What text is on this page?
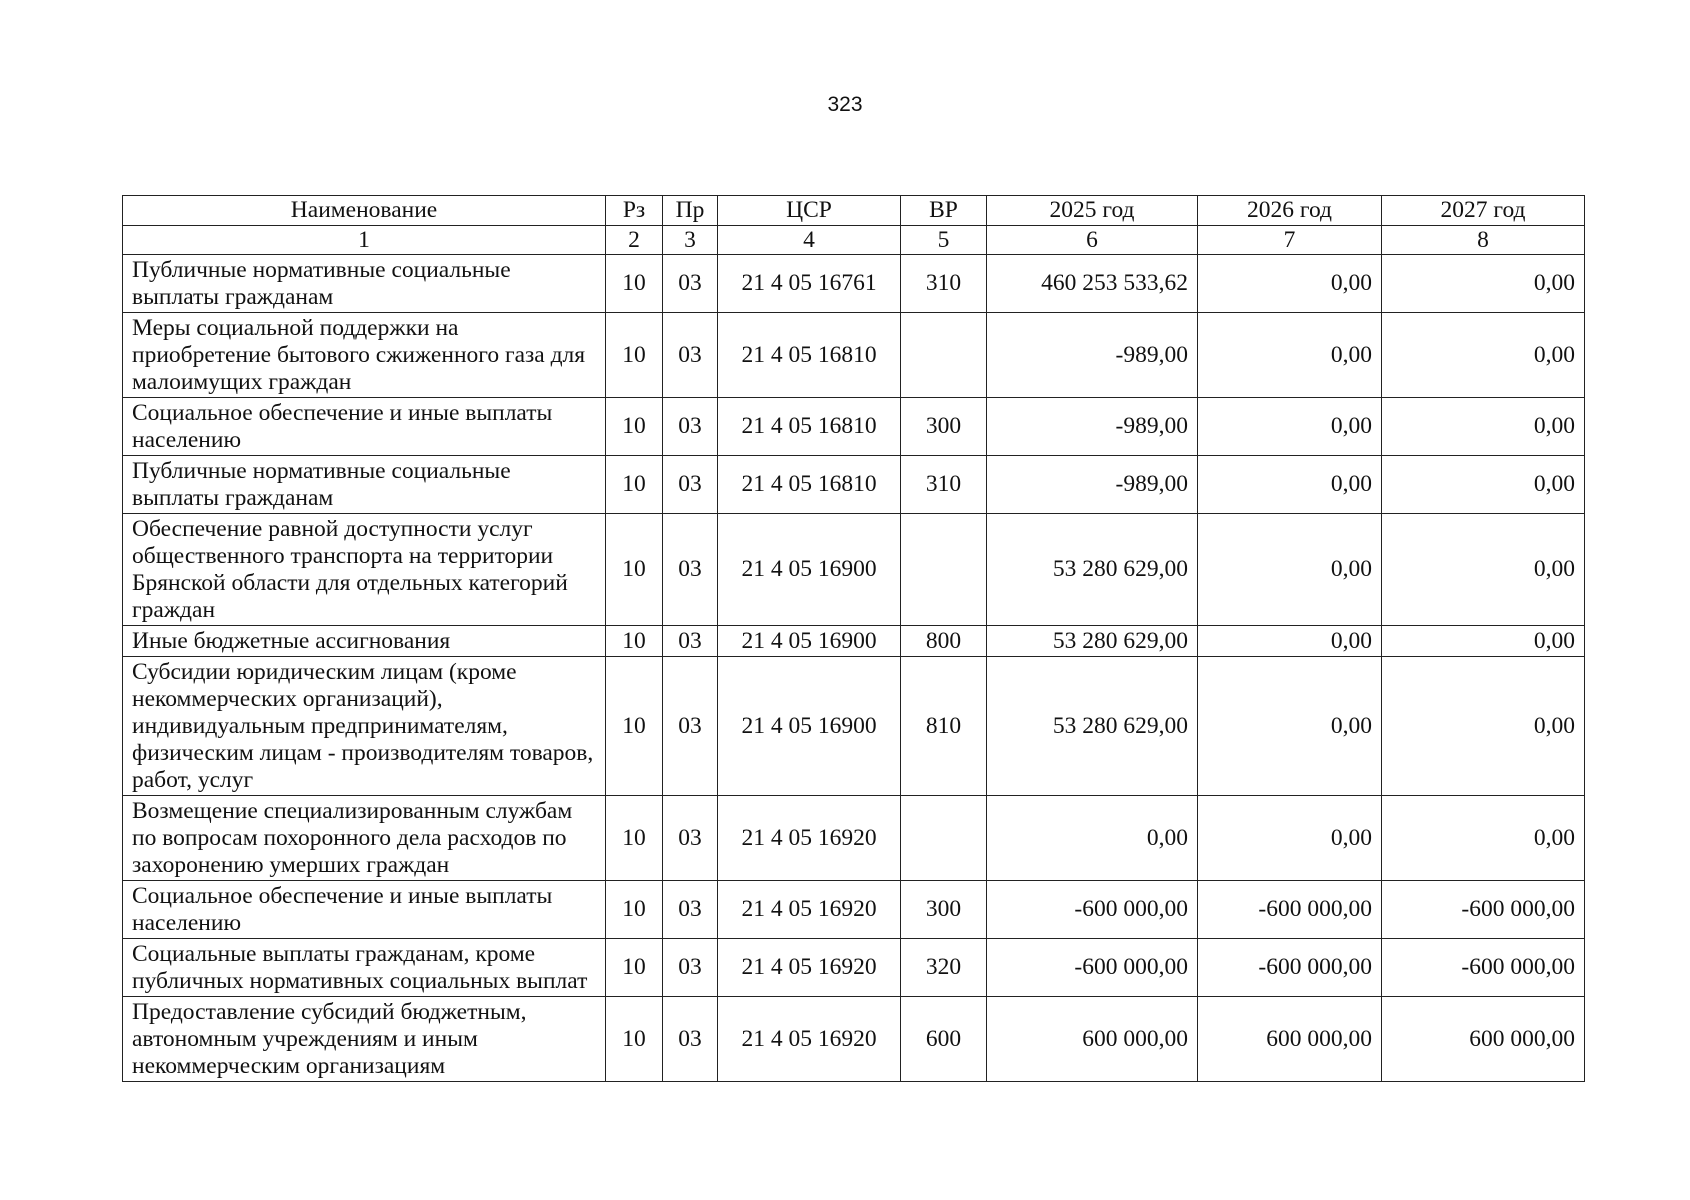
323
Наименование	Рз	Пр	ЦСР	ВР	2025 год	2026 год	2027 год
1	2	3	4	5	6	7	8
Публичные нормативные социальные выплаты гражданам	10	03	21 4 05 16761	310	460 253 533,62	0,00	0,00
Меры социальной поддержки на приобретение бытового сжиженного газа для малоимущих граждан	10	03	21 4 05 16810		-989,00	0,00	0,00
Социальное обеспечение и иные выплаты населению	10	03	21 4 05 16810	300	-989,00	0,00	0,00
Публичные нормативные социальные выплаты гражданам	10	03	21 4 05 16810	310	-989,00	0,00	0,00
Обеспечение равной доступности услуг общественного транспорта на территории Брянской области для отдельных категорий граждан	10	03	21 4 05 16900		53 280 629,00	0,00	0,00
Иные бюджетные ассигнования	10	03	21 4 05 16900	800	53 280 629,00	0,00	0,00
Субсидии юридическим лицам (кроме некоммерческих организаций), индивидуальным предпринимателям, физическим лицам - производителям товаров, работ, услуг	10	03	21 4 05 16900	810	53 280 629,00	0,00	0,00
Возмещение специализированным службам по вопросам похоронного дела расходов по захоронению умерших граждан	10	03	21 4 05 16920		0,00	0,00	0,00
Социальное обеспечение и иные выплаты населению	10	03	21 4 05 16920	300	-600 000,00	-600 000,00	-600 000,00
Социальные выплаты гражданам, кроме публичных нормативных социальных выплат	10	03	21 4 05 16920	320	-600 000,00	-600 000,00	-600 000,00
Предоставление субсидий бюджетным, автономным учреждениям и иным некоммерческим организациям	10	03	21 4 05 16920	600	600 000,00	600 000,00	600 000,00
